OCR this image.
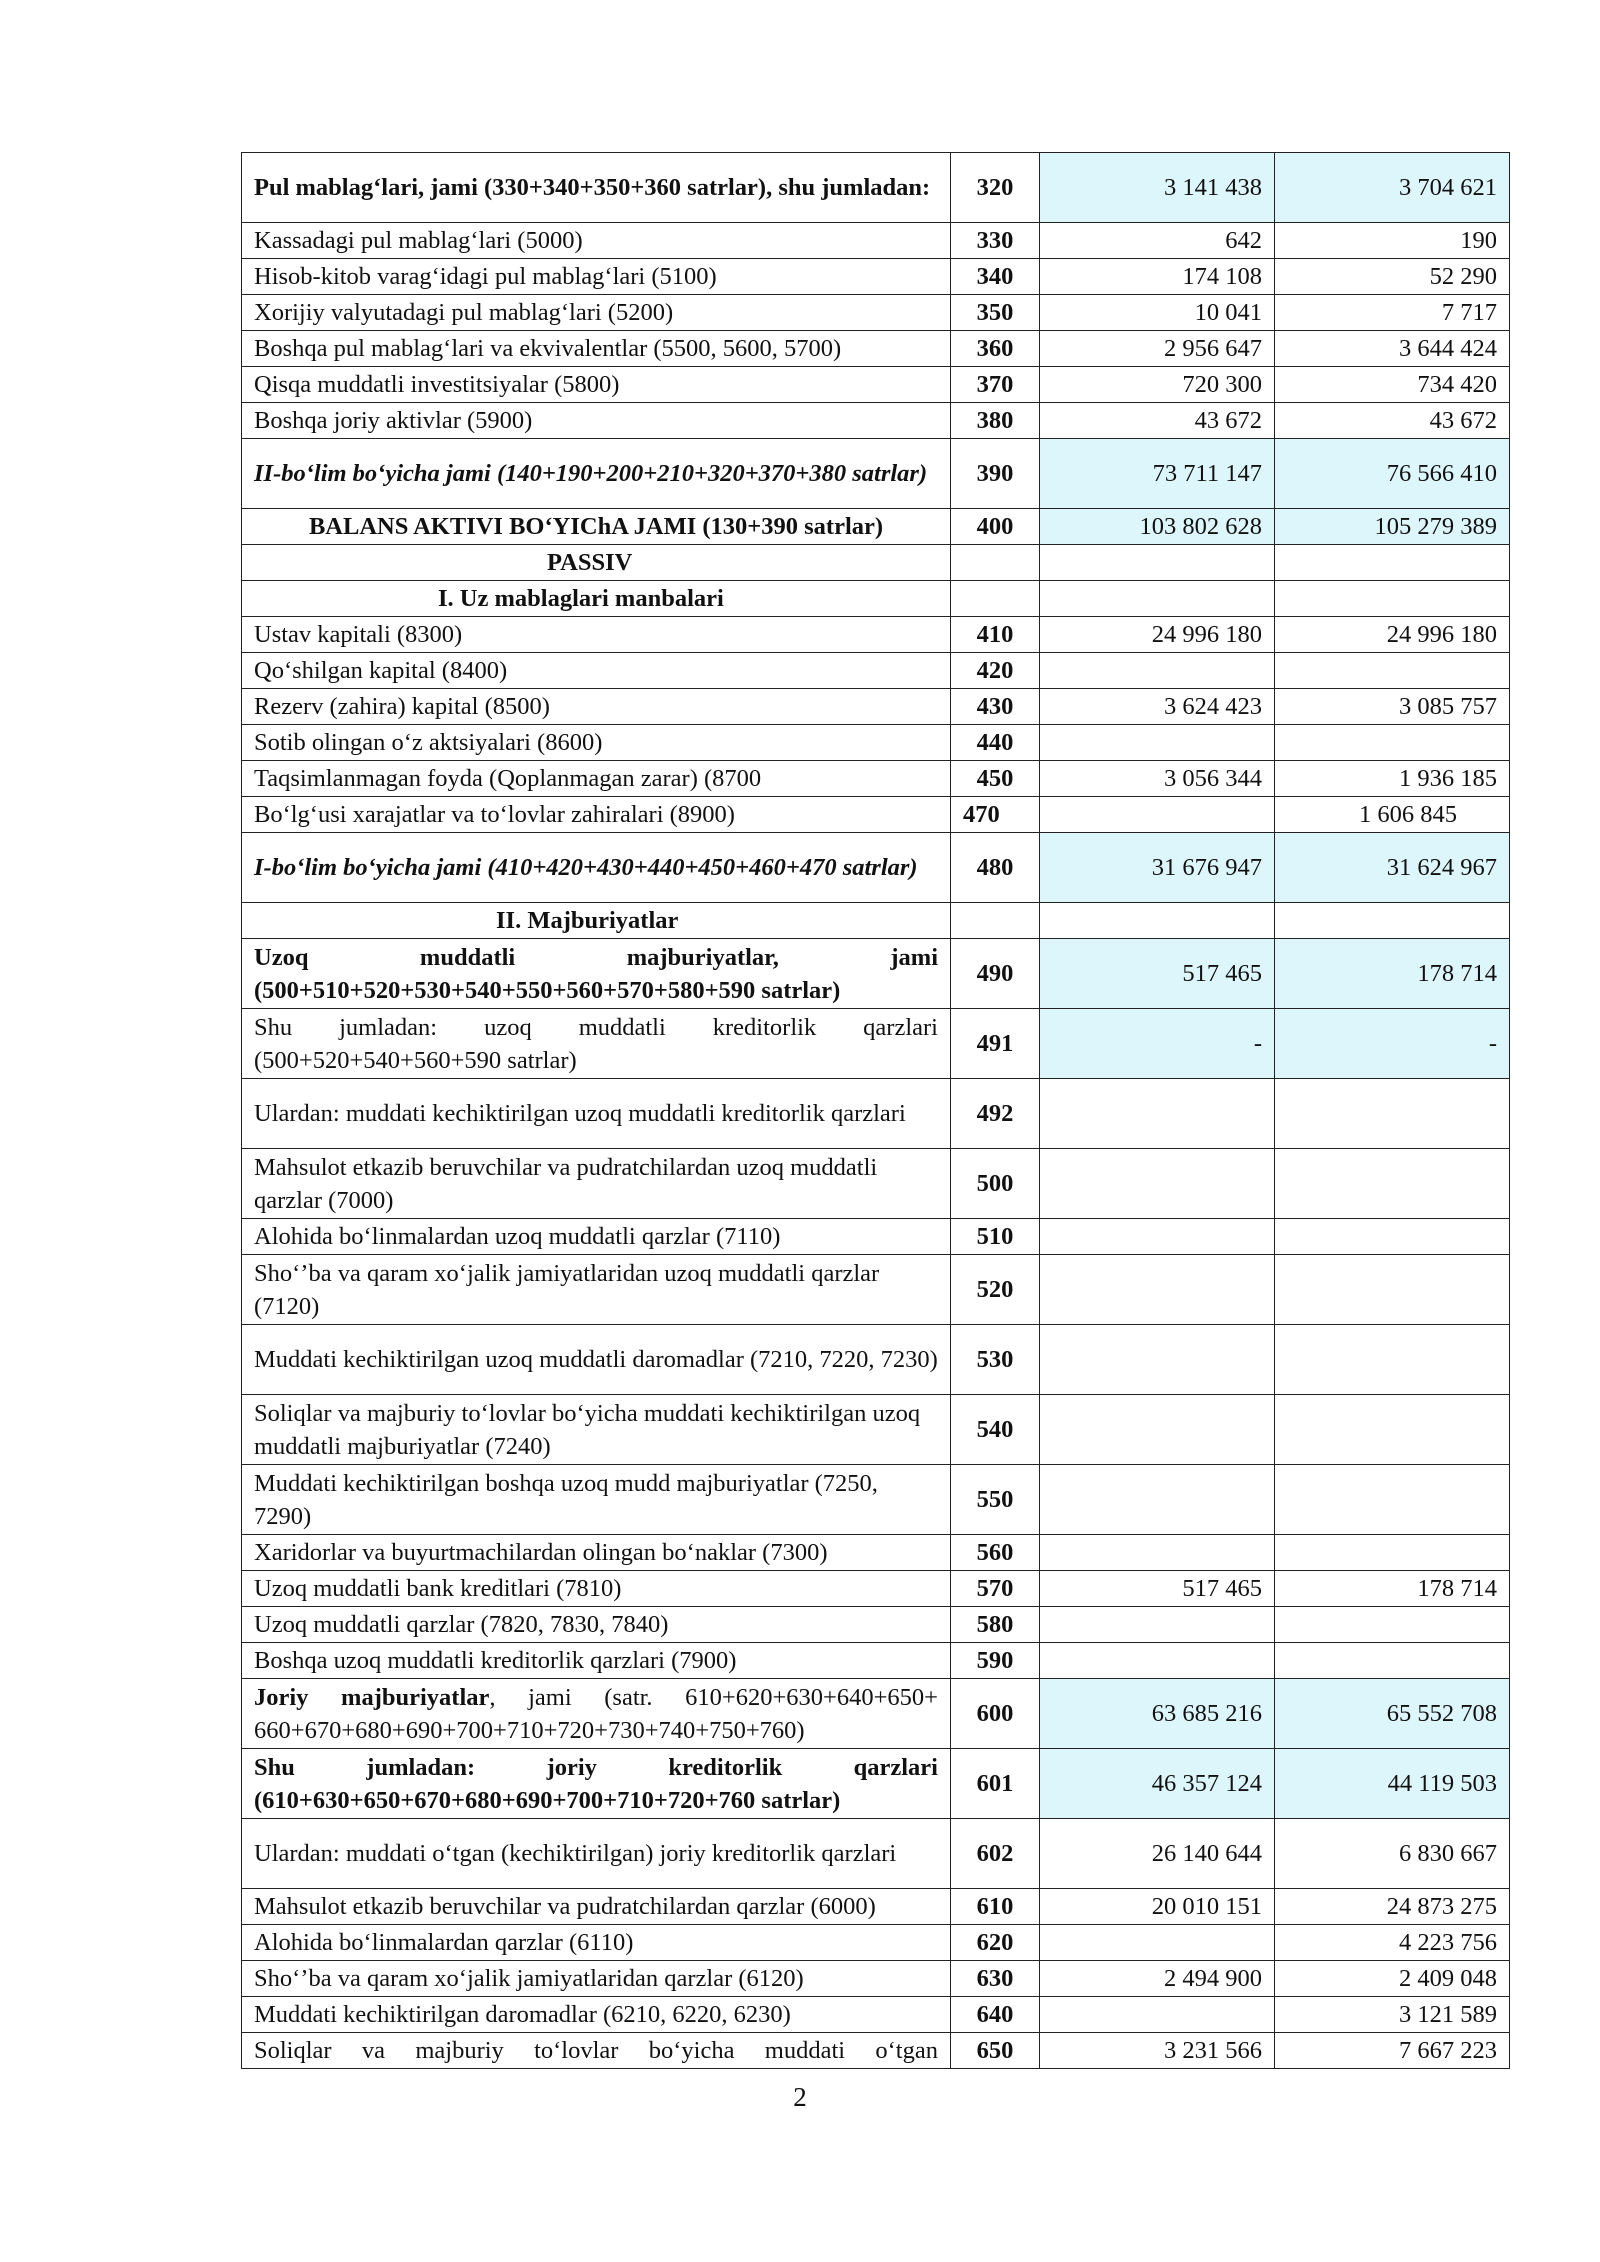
Pul mablag‘lari, jami (330+340+350+360 satrlar), shu jumladan:	320	3 141 438	3 704 621
Kassadagi pul mablag‘lari (5000)	330	642	190
Hisob-kitob varag‘idagi pul mablag‘lari (5100)	340	174 108	52 290
Xorijiy valyutadagi pul mablag‘lari (5200)	350	10 041	7 717
Boshqa pul mablag‘lari va ekvivalentlar (5500, 5600, 5700)	360	2 956 647	3 644 424
Qisqa muddatli investitsiyalar (5800)	370	720 300	734 420
Boshqa joriy aktivlar (5900)	380	43 672	43 672
II-bo‘lim bo‘yicha jami (140+190+200+210+320+370+380 satrlar)	390	73 711 147	76 566 410
BALANS AKTIVI BO‘YIChA JAMI (130+390 satrlar)	400	103 802 628	105 279 389
PASSIV			
I. Uz mablaglari manbalari			
Ustav kapitali (8300)	410	24 996 180	24 996 180
Qo‘shilgan kapital (8400)	420		
Rezerv (zahira) kapital (8500)	430	3 624 423	3 085 757
Sotib olingan o‘z aktsiyalari (8600)	440		
Taqsimlanmagan foyda (Qoplanmagan zarar) (8700	450	3 056 344	1 936 185
Bo‘lg‘usi xarajatlar va to‘lovlar zahiralari (8900)	470		1 606 845
I-bo‘lim bo‘yicha jami (410+420+430+440+450+460+470 satrlar)	480	31 676 947	31 624 967
II. Majburiyatlar			
Uzoq muddatli majburiyatlar, jami (500+510+520+530+540+550+560+570+580+590 satrlar)	490	517 465	178 714
Shu jumladan: uzoq muddatli kreditorlik qarzlari (500+520+540+560+590 satrlar)	491	-	-
Ulardan: muddati kechiktirilgan uzoq muddatli kreditorlik qarzlari	492		
Mahsulot etkazib beruvchilar va pudratchilardan uzoq muddatli qarzlar (7000)	500		
Alohida bo‘linmalardan uzoq muddatli qarzlar (7110)	510		
Sho‘’ba va qaram xo‘jalik jamiyatlaridan uzoq muddatli qarzlar (7120)	520		
Muddati kechiktirilgan uzoq muddatli daromadlar (7210, 7220, 7230)	530		
Soliqlar va majburiy to‘lovlar bo‘yicha muddati kechiktirilgan uzoq muddatli majburiyatlar (7240)	540		
Muddati kechiktirilgan boshqa uzoq mudd majburiyatlar (7250, 7290)	550		
Xaridorlar va buyurtmachilardan olingan bo‘naklar (7300)	560		
Uzoq muddatli bank kreditlari (7810)	570	517 465	178 714
Uzoq muddatli qarzlar (7820, 7830, 7840)	580		
Boshqa uzoq muddatli kreditorlik qarzlari (7900)	590		
Joriy majburiyatlar, jami (satr. 610+620+630+640+650+ 660+670+680+690+700+710+720+730+740+750+760)	600	63 685 216	65 552 708
Shu jumladan: joriy kreditorlik qarzlari (610+630+650+670+680+690+700+710+720+760 satrlar)	601	46 357 124	44 119 503
Ulardan: muddati o‘tgan (kechiktirilgan) joriy kreditorlik qarzlari	602	26 140 644	6 830 667
Mahsulot etkazib beruvchilar va pudratchilardan qarzlar (6000)	610	20 010 151	24 873 275
Alohida bo‘linmalardan qarzlar (6110)	620		4 223 756
Sho‘’ba va qaram xo‘jalik jamiyatlaridan qarzlar (6120)	630	2 494 900	2 409 048
Muddati kechiktirilgan daromadlar (6210, 6220, 6230)	640		3 121 589
Soliqlar va majburiy to‘lovlar bo‘yicha muddati o‘tgan	650	3 231 566	7 667 223
2
